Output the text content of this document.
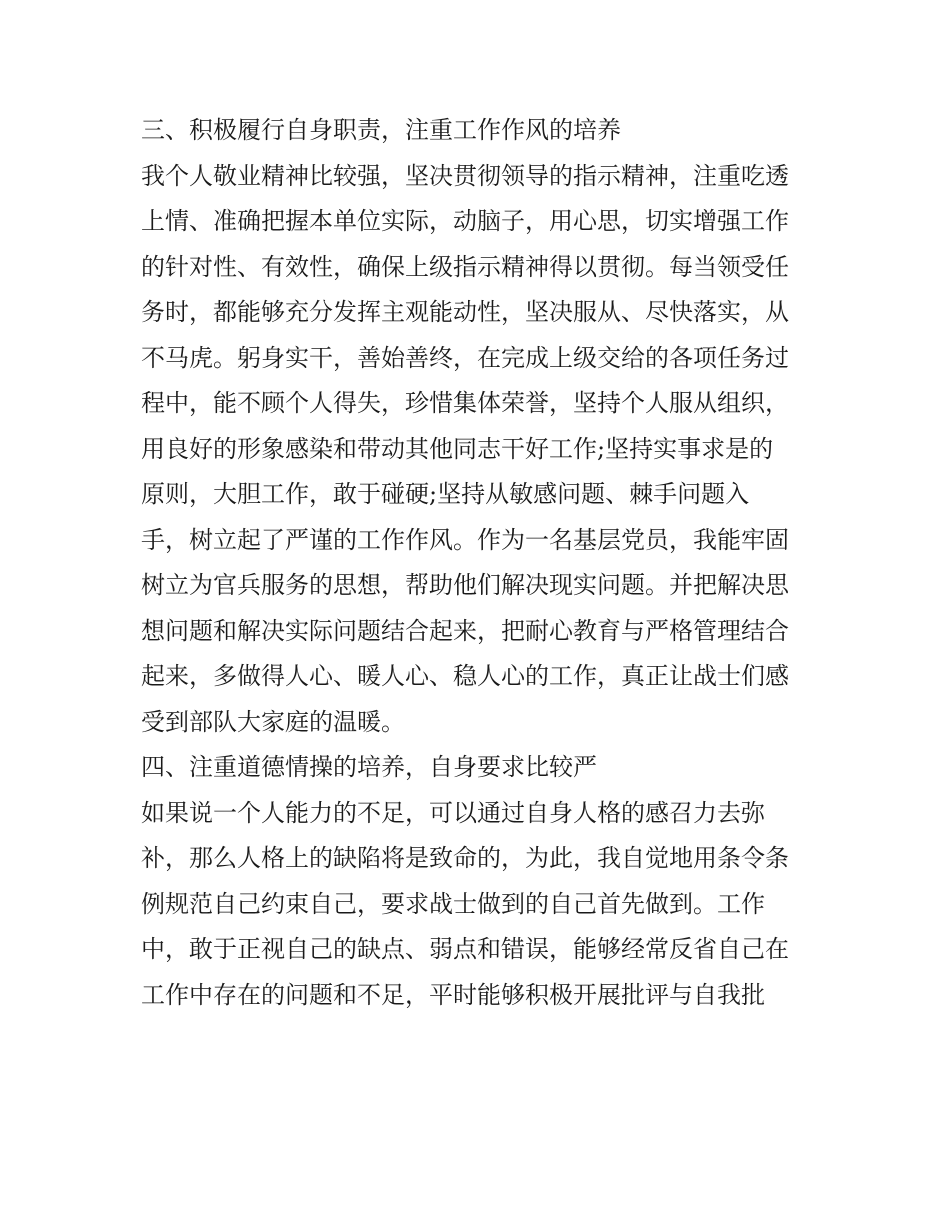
三、积极履行自身职责，注重工作作风的培养
我个人敬业精神比较强，坚决贯彻领导的指示精神，注重吃透
上情、准确把握本单位实际，动脑子，用心思，切实增强工作
的针对性、有效性，确保上级指示精神得以贯彻。每当领受任
务时，都能够充分发挥主观能动性，坚决服从、尽快落实，从
不马虎。躬身实干，善始善终，在完成上级交给的各项任务过
程中，能不顾个人得失，珍惜集体荣誉，坚持个人服从组织，
用良好的形象感染和带动其他同志干好工作;坚持实事求是的
原则，大胆工作，敢于碰硬;坚持从敏感问题、棘手问题入
手，树立起了严谨的工作作风。作为一名基层党员，我能牢固
树立为官兵服务的思想，帮助他们解决现实问题。并把解决思
想问题和解决实际问题结合起来，把耐心教育与严格管理结合
起来，多做得人心、暖人心、稳人心的工作，真正让战士们感
受到部队大家庭的温暖。
四、注重道德情操的培养，自身要求比较严
如果说一个人能力的不足，可以通过自身人格的感召力去弥
补，那么人格上的缺陷将是致命的，为此，我自觉地用条令条
例规范自己约束自己，要求战士做到的自己首先做到。工作
中，敢于正视自己的缺点、弱点和错误，能够经常反省自己在
工作中存在的问题和不足，平时能够积极开展批评与自我批
